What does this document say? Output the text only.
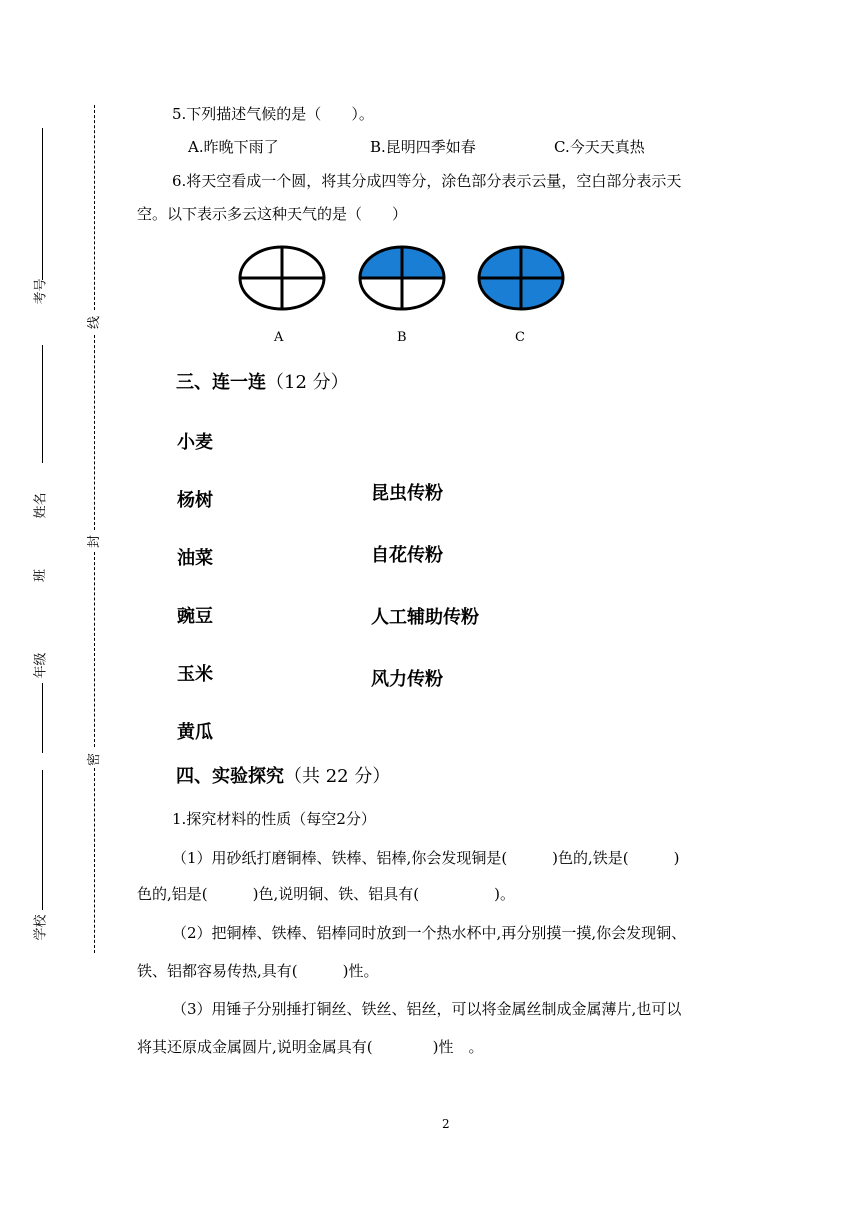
考号
姓名
班
年级
学校
线
封
密
5.下列描述气候的是（　　）。
A.昨晚下雨了	B.昆明四季如春	C.今天天真热
6.将天空看成一个圆，将其分成四等分，涂色部分表示云量，空白部分表示天
空。以下表示多云这种天气的是（　　）
A	B	C
三、连一连（12 分）
小麦
杨树
油菜
豌豆
玉米
黄瓜
昆虫传粉
自花传粉
人工辅助传粉
风力传粉
四、实验探究（共 22 分）
1.探究材料的性质（每空2分）
（1）用砂纸打磨铜棒、铁棒、铝棒,你会发现铜是(　　　)色的,铁是(　　　)
色的,铝是(　　　)色,说明铜、铁、铝具有(　　　　　)。
（2）把铜棒、铁棒、铝棒同时放到一个热水杯中,再分别摸一摸,你会发现铜、
铁、铝都容易传热,具有(　　　)性。
（3）用锤子分别捶打铜丝、铁丝、铝丝，可以将金属丝制成金属薄片,也可以
将其还原成金属圆片,说明金属具有(　　　　)性　。
2
